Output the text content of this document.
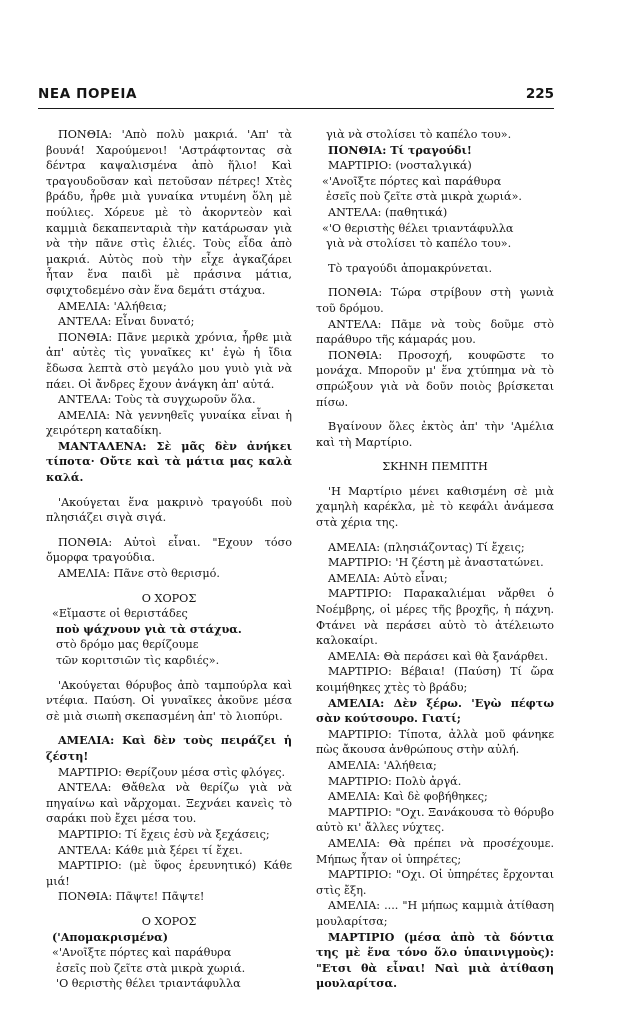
ΝΕΑ ΠΟΡΕΙΑ	225

ΠΟΝΘΙΑ: 'Απὸ πολὺ μακριά. 'Απ' τὰ βουνά! Χαρούμενοι! 'Αστράφτοντας σὰ δέντρα καψαλισμένα ἀπὸ ἥλιο! Καὶ τραγουδοῦσαν καὶ πετοῦσαν πέτρες! Χτὲς βράδυ, ἦρθε μιὰ γυναίκα ντυμένη ὅλη μὲ πούλιες. Χόρευε μὲ τὸ ἀκορντεὸν καὶ καμμιὰ δεκαπενταριὰ τὴν κατάρωσαν γιὰ νὰ τὴν πᾶνε στὶς ἐλιές. Τοὺς εἶδα ἀπὸ μακριά. Αὐτὸς ποὺ τὴν εἶχε ἀγκαζάρει ἦταν ἕνα παιδὶ μὲ πράσινα μάτια, σφιχτοδεμένο σὰν ἕνα δεμάτι στάχυα.

ΑΜΕΛΙΑ: 'Αλήθεια;

ΑΝΤΕΛΑ: Εἶναι δυνατό;

ΠΟΝΘΙΑ: Πᾶνε μερικὰ χρόνια, ἦρθε μιὰ ἀπ' αὐτὲς τὶς γυναῖκες κι' ἐγὼ ἡ ἴδια ἔδωσα λεπτὰ στὸ μεγάλο μου γυιὸ γιὰ νὰ πάει. Οἱ ἄνδρες ἔχουν ἀνάγκη ἀπ' αὐτά.

ΑΝΤΕΛΑ: Τοὺς τὰ συγχωροῦν ὅλα.

ΑΜΕΛΙΑ: Νὰ γεννηθεῖς γυναίκα εἶναι ἡ χειρότερη καταδίκη.

ΜΑΝΤΑΛΕΝΑ: Σὲ μᾶς δὲν ἀνήκει τίποτα· Οὔτε καὶ τὰ μάτια μας καλὰ καλά.

'Ακούγεται ἕνα μακρινὸ τραγούδι ποὺ πλησιάζει σιγὰ σιγά.

ΠΟΝΘΙΑ: Αὐτοὶ εἶναι. "Εχουν τόσο ὄμορφα τραγούδια.

ΑΜΕΛΙΑ: Πᾶνε στὸ θερισμό.

Ο ΧΟΡΟΣ

«Εἴμαστε οἱ θεριστάδες

ποὺ ψάχνουν γιὰ τὰ στάχυα.

στὸ δρόμο μας θερίζουμε

τῶν κοριτσιῶν τὶς καρδιές».

'Ακούγεται θόρυβος ἀπὸ ταμπούρλα καὶ ντέφια. Παύση. Οἱ γυναῖκες ἀκοῦνε μέσα σὲ μιὰ σιωπὴ σκεπασμένη ἀπ' τὸ λιοπύρι.

ΑΜΕΛΙΑ: Καὶ δὲν τοὺς πειράζει ἡ ζέστη!

ΜΑΡΤΙΡΙΟ: Θερίζουν μέσα στὶς φλόγες.

ΑΝΤΕΛΑ: Θἄθελα νὰ θερίζω γιὰ νὰ πηγαίνω καὶ νἄρχομαι. Ξεχνάει κανεὶς τὸ σαράκι ποὺ ἔχει μέσα του.

ΜΑΡΤΙΡΙΟ: Τί ἔχεις ἐσὺ νὰ ξεχάσεις;

ΑΝΤΕΛΑ: Κάθε μιὰ ξέρει τί ἔχει.

ΜΑΡΤΙΡΙΟ: (μὲ ὕφος ἐρευνητικό) Κάθε μιά!

ΠΟΝΘΙΑ: Πᾶψτε! Πᾶψτε!

Ο ΧΟΡΟΣ

('Απομακρισμένα)

«'Ανοῖξτε πόρτες καὶ παράθυρα

ἐσεῖς ποὺ ζεῖτε στὰ μικρὰ χωριά.

'Ο θεριστὴς θέλει τριαντάφυλλα

γιὰ νὰ στολίσει τὸ καπέλο του».

ΠΟΝΘΙΑ: Τί τραγούδι!

ΜΑΡΤΙΡΙΟ: (νοσταλγικά)

«'Ανοῖξτε πόρτες καὶ παράθυρα

ἐσεῖς ποὺ ζεῖτε στὰ μικρὰ χωριά».

ΑΝΤΕΛΑ: (παθητικά)

«'Ο θεριστὴς θέλει τριαντάφυλλα

γιὰ νὰ στολίσει τὸ καπέλο του».

Τὸ τραγούδι ἀπομακρύνεται.

ΠΟΝΘΙΑ: Τώρα στρίβουν στὴ γωνιὰ τοῦ δρόμου.

ΑΝΤΕΛΑ: Πᾶμε νὰ τοὺς δοῦμε στὸ παράθυρο τῆς κάμαράς μου.

ΠΟΝΘΙΑ: Προσοχή, κουφῶστε το μονάχα. Μποροῦν μ' ἕνα χτύπημα νὰ τὸ σπρώξουν γιὰ νὰ δοῦν ποιὸς βρίσκεται πίσω.

Βγαίνουν ὅλες ἐκτὸς ἀπ' τὴν 'Αμέλια καὶ τὴ Μαρτίριο.

ΣΚΗΝΗ ΠΕΜΠΤΗ

'Η Μαρτίριο μένει καθισμένη σὲ μιὰ χαμηλὴ καρέκλα, μὲ τὸ κεφάλι ἀνάμεσα στὰ χέρια της.

ΑΜΕΛΙΑ: (πλησιάζοντας) Τί ἔχεις;

ΜΑΡΤΙΡΙΟ: 'Η ζέστη μὲ ἀναστατώνει.

ΑΜΕΛΙΑ: Αὐτὸ εἶναι;

ΜΑΡΤΙΡΙΟ: Παρακαλιέμαι νἄρθει ὁ Νοέμβρης, οἱ μέρες τῆς βροχῆς, ἡ πάχνη. Φτάνει νὰ περάσει αὐτὸ τὸ ἀτέλειωτο καλοκαίρι.

ΑΜΕΛΙΑ: Θὰ περάσει καὶ θὰ ξανάρθει.

ΜΑΡΤΙΡΙΟ: Βέβαια! (Παύση) Τί ὥρα κοιμήθηκες χτὲς τὸ βράδυ;

ΑΜΕΛΙΑ: Δὲν ξέρω. 'Εγὼ πέφτω σὰν κούτσουρο. Γιατί;

ΜΑΡΤΙΡΙΟ: Τίποτα, ἀλλὰ μοῦ φάνηκε πὼς ἄκουσα ἀνθρώπους στὴν αὐλή.

ΑΜΕΛΙΑ: 'Αλήθεια;

ΜΑΡΤΙΡΙΟ: Πολὺ ἀργά.

ΑΜΕΛΙΑ: Καὶ δὲ φοβήθηκες;

ΜΑΡΤΙΡΙΟ: "Οχι. Ξανάκουσα τὸ θόρυβο αὐτὸ κι' ἄλλες νύχτες.

ΑΜΕΛΙΑ: Θὰ πρέπει νὰ προσέχουμε. Μήπως ἦταν οἱ ὑπηρέτες;

ΜΑΡΤΙΡΙΟ: "Οχι. Οἱ ὑπηρέτες ἔρχονται στὶς ἔξη.

ΑΜΕΛΙΑ: .... "Η μήπως καμμιὰ ἀτίθαση μουλαρίτσα;

ΜΑΡΤΙΡΙΟ (μέσα ἀπὸ τὰ δόντια της μὲ ἕνα τόνο ὅλο ὑπαινιγμοὺς): "Ετσι θὰ εἶναι! Ναὶ μιὰ ἀτίθαση μουλαρίτσα.
